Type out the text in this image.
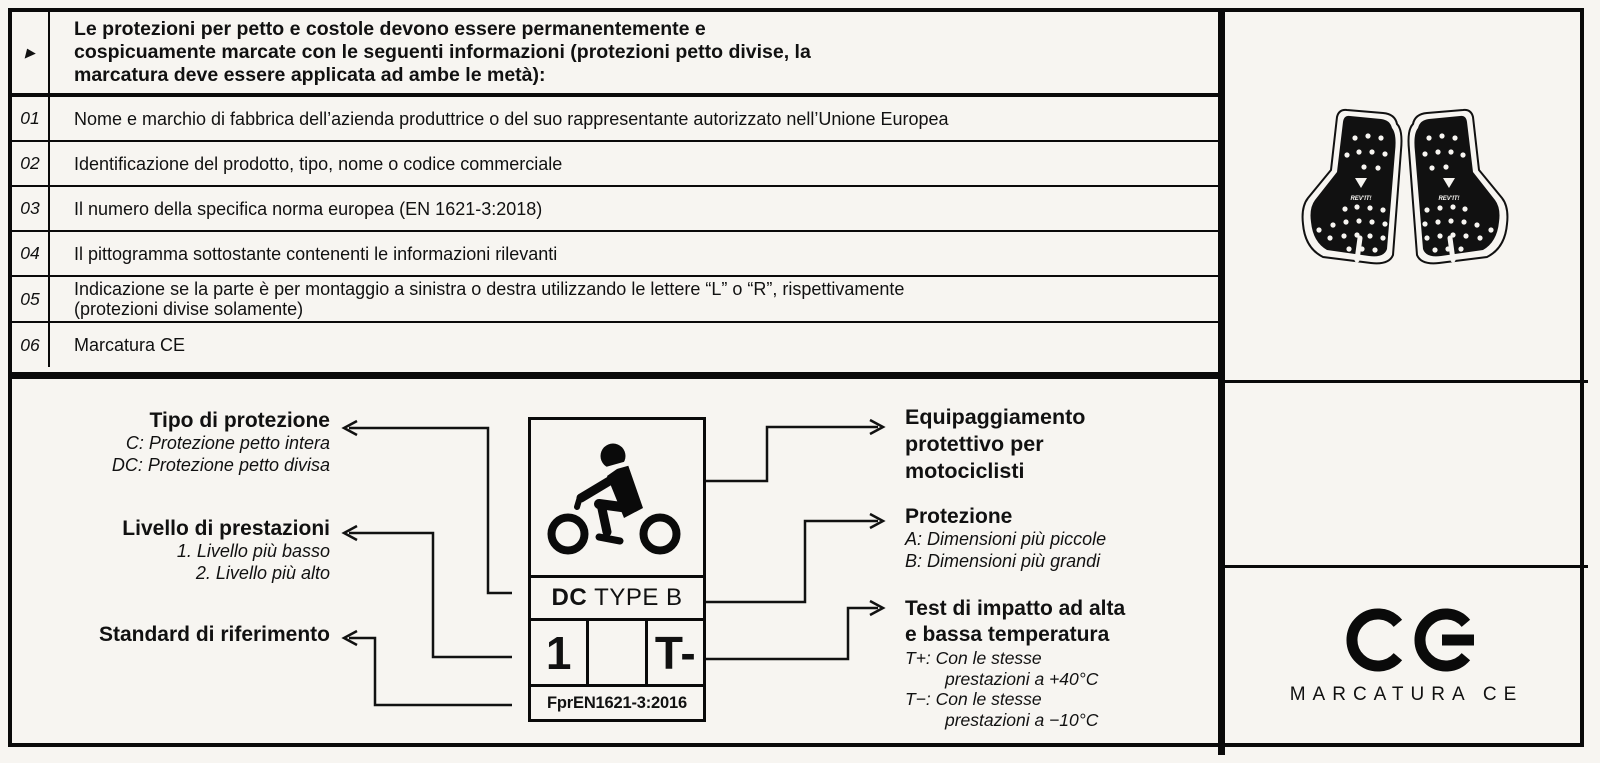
▶
Le protezioni per petto e costole devono essere permanentemente e cospicuamente marcate con le seguenti informazioni (protezioni petto divise, la marcatura deve essere applicata ad ambe le metà):
01	Nome e marchio di fabbrica dell’azienda produttrice o del suo rappresentante autorizzato nell’Unione Europea
02	Identificazione del prodotto, tipo, nome o codice commerciale
03	Il numero della specifica norma europea (EN 1621-3:2018)
04	Il pittogramma sottostante contenenti le informazioni rilevanti
05	Indicazione se la parte è per montaggio a sinistra o destra utilizzando le lettere “L” o “R”, rispettivamente
(protezioni divise solamente)
06	Marcatura CE
Tipo di protezione
C: Protezione petto intera
DC: Protezione petto divisa
Livello di prestazioni
1. Livello più basso
2. Livello più alto
Standard di riferimento
Equipaggiamento
protettivo per
motociclisti
Protezione
A: Dimensioni più piccole
B: Dimensioni più grandi
Test di impatto ad alta
e bassa temperatura
T+: Con le stesse
prestazioni a +40°C
T−: Con le stesse
prestazioni a −10°C
DC TYPE B
1	T-
FprEN1621-3:2016
REV'IT!
REV'IT!
MARCATURA CE
